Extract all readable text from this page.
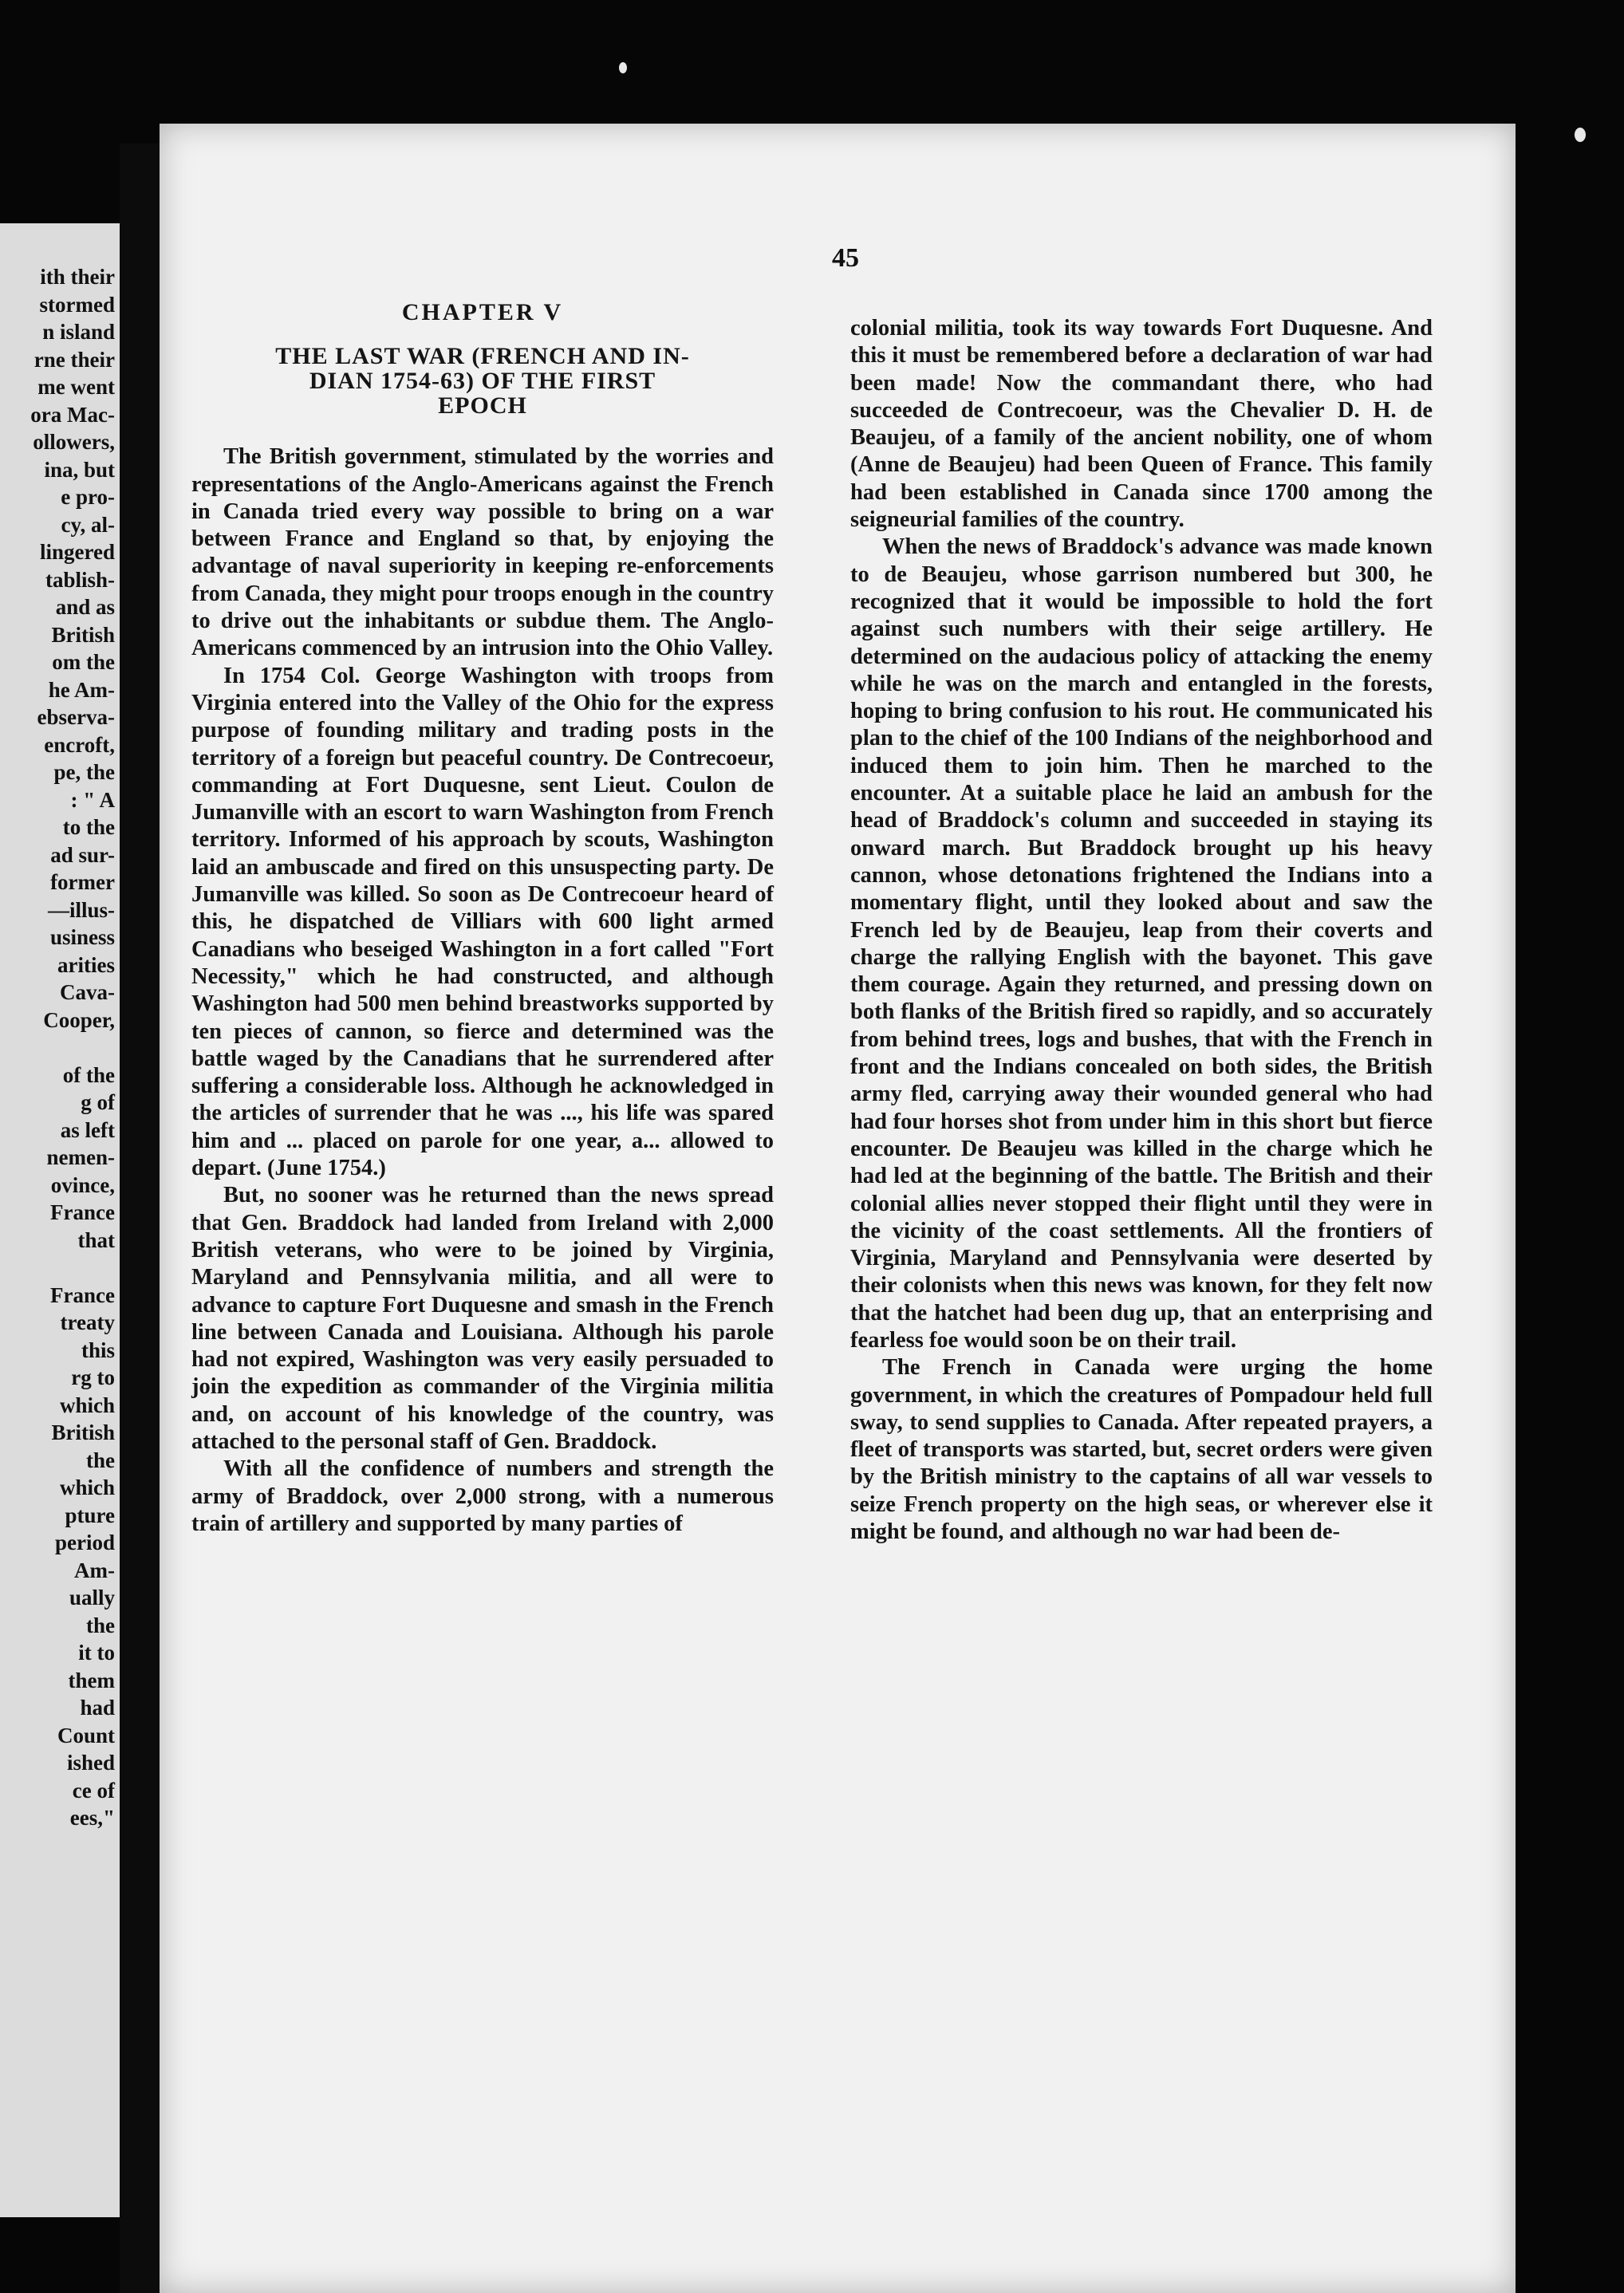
ith their
stormed
n island
rne their
me went
ora Mac-
ollowers,
ina, but
e pro-
cy, al-
lingered
tablish-
and as
British
om the
he Am-
ebserva-
encroft,
pe, the
: " A
to the
ad sur-
former
—illus-
usiness
arities
Cava-
Cooper,
of the
g of
as left
nemen-
ovince,
France
that
France
treaty
this
rg to
which
British
the
which
pture
period
Am-
ually
the
it to
them
had
Count
ished
ce of
ees,"
45
CHAPTER V
THE LAST WAR (FRENCH AND IN-
DIAN 1754-63) OF THE FIRST
EPOCH

The British government, stimulated by the worries and representations of the Anglo-Americans against the French in Canada tried every way possible to bring on a war between France and England so that, by enjoying the advantage of naval superiority in keeping re-enforcements from Canada, they might pour troops enough in the country to drive out the inhabitants or subdue them. The Anglo-Americans commenced by an intrusion into the Ohio Valley.

In 1754 Col. George Washington with troops from Virginia entered into the Valley of the Ohio for the express purpose of founding military and trading posts in the territory of a foreign but peaceful country. De Contrecoeur, commanding at Fort Duquesne, sent Lieut. Coulon de Jumanville with an escort to warn Washington from French territory. Informed of his approach by scouts, Washington laid an ambuscade and fired on this unsuspecting party. De Jumanville was killed. So soon as De Contrecoeur heard of this, he dispatched de Villiars with 600 light armed Canadians who beseiged Washington in a fort called "Fort Necessity," which he had constructed, and although Washington had 500 men behind breastworks supported by ten pieces of cannon, so fierce and determined was the battle waged by the Canadians that he surrendered after suffering a considerable loss. Although he acknowledged in the articles of surrender that he was ..., his life was spared him and ... placed on parole for one year, a... allowed to depart. (June 1754.)

But, no sooner was he returned than the news spread that Gen. Braddock had landed from Ireland with 2,000 British veterans, who were to be joined by Virginia, Maryland and Pennsylvania militia, and all were to advance to capture Fort Duquesne and smash in the French line between Canada and Louisiana. Although his parole had not expired, Washington was very easily persuaded to join the expedition as commander of the Virginia militia and, on account of his knowledge of the country, was attached to the personal staff of Gen. Braddock.

With all the confidence of numbers and strength the army of Braddock, over 2,000 strong, with a numerous train of artillery and supported by many parties of

colonial militia, took its way towards Fort Duquesne. And this it must be remembered before a declaration of war had been made! Now the commandant there, who had succeeded de Contrecoeur, was the Chevalier D. H. de Beaujeu, of a family of the ancient nobility, one of whom (Anne de Beaujeu) had been Queen of France. This family had been established in Canada since 1700 among the seigneurial families of the country.

When the news of Braddock's advance was made known to de Beaujeu, whose garrison numbered but 300, he recognized that it would be impossible to hold the fort against such numbers with their seige artillery. He determined on the audacious policy of attacking the enemy while he was on the march and entangled in the forests, hoping to bring confusion to his rout. He communicated his plan to the chief of the 100 Indians of the neighborhood and induced them to join him. Then he marched to the encounter. At a suitable place he laid an ambush for the head of Braddock's column and succeeded in staying its onward march. But Braddock brought up his heavy cannon, whose detonations frightened the Indians into a momentary flight, until they looked about and saw the French led by de Beaujeu, leap from their coverts and charge the rallying English with the bayonet. This gave them courage. Again they returned, and pressing down on both flanks of the British fired so rapidly, and so accurately from behind trees, logs and bushes, that with the French in front and the Indians concealed on both sides, the British army fled, carrying away their wounded general who had had four horses shot from under him in this short but fierce encounter. De Beaujeu was killed in the charge which he had led at the beginning of the battle. The British and their colonial allies never stopped their flight until they were in the vicinity of the coast settlements. All the frontiers of Virginia, Maryland and Pennsylvania were deserted by their colonists when this news was known, for they felt now that the hatchet had been dug up, that an enterprising and fearless foe would soon be on their trail.

The French in Canada were urging the home government, in which the creatures of Pompadour held full sway, to send supplies to Canada. After repeated prayers, a fleet of transports was started, but, secret orders were given by the British ministry to the captains of all war vessels to seize French property on the high seas, or wherever else it might be found, and although no war had been de-
